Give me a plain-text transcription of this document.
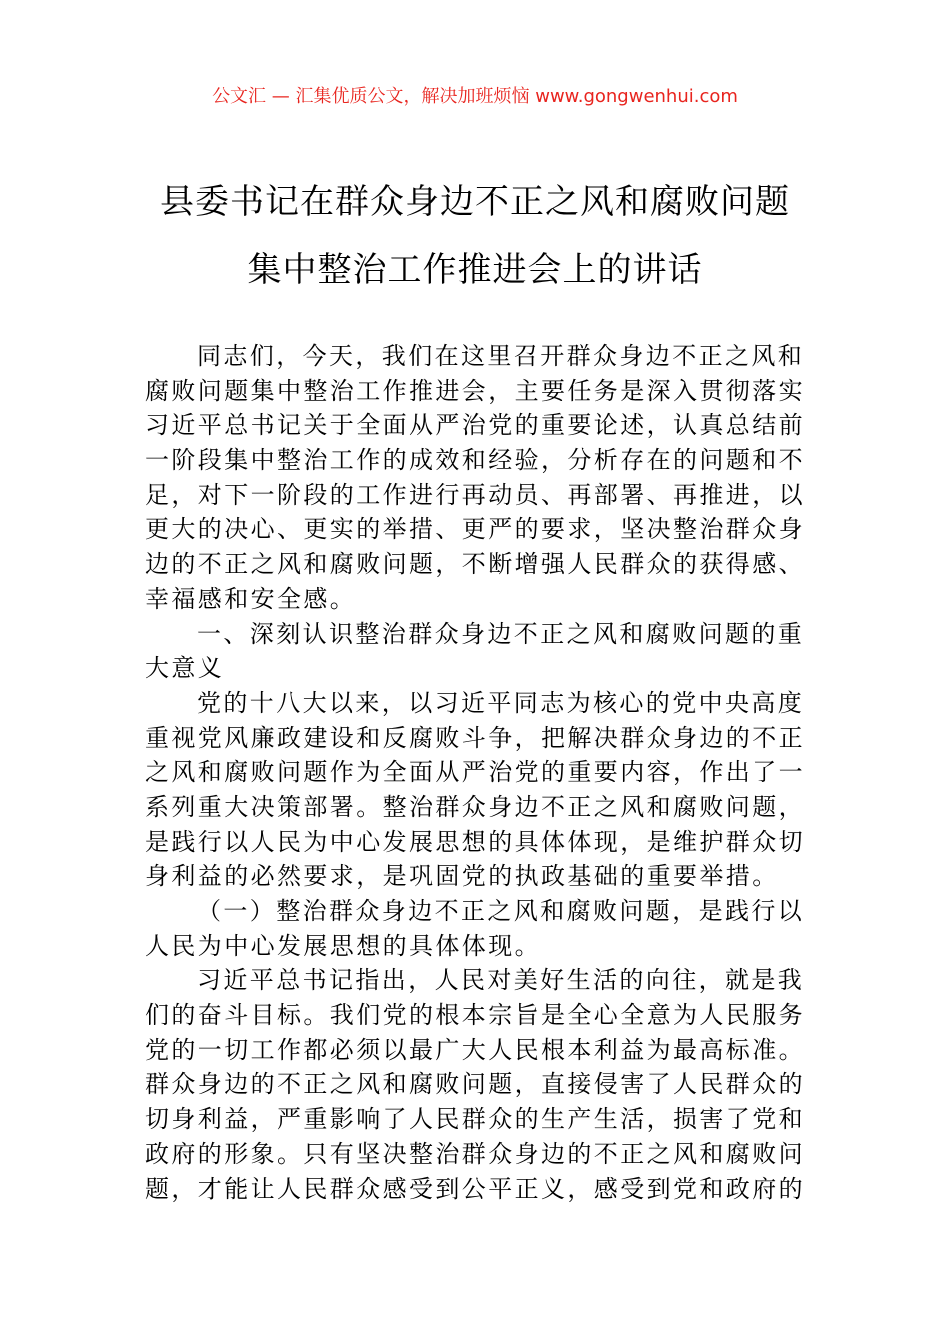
公文汇 — 汇集优质公文，解决加班烦恼 www.gongwenhui.com
县委书记在群众身边不正之风和腐败问题
集中整治工作推进会上的讲话
同志们，今天，我们在这里召开群众身边不正之风和
腐败问题集中整治工作推进会，主要任务是深入贯彻落实
习近平总书记关于全面从严治党的重要论述，认真总结前
一阶段集中整治工作的成效和经验，分析存在的问题和不
足，对下一阶段的工作进行再动员、再部署、再推进，以
更大的决心、更实的举措、更严的要求，坚决整治群众身
边的不正之风和腐败问题，不断增强人民群众的获得感、
幸福感和安全感。
一、深刻认识整治群众身边不正之风和腐败问题的重
大意义
党的十八大以来，以习近平同志为核心的党中央高度
重视党风廉政建设和反腐败斗争，把解决群众身边的不正
之风和腐败问题作为全面从严治党的重要内容，作出了一
系列重大决策部署。整治群众身边不正之风和腐败问题，
是践行以人民为中心发展思想的具体体现，是维护群众切
身利益的必然要求，是巩固党的执政基础的重要举措。
（一）整治群众身边不正之风和腐败问题，是践行以
人民为中心发展思想的具体体现。
习近平总书记指出，人民对美好生活的向往，就是我
们的奋斗目标。我们党的根本宗旨是全心全意为人民服务
党的一切工作都必须以最广大人民根本利益为最高标准。
群众身边的不正之风和腐败问题，直接侵害了人民群众的
切身利益，严重影响了人民群众的生产生活，损害了党和
政府的形象。只有坚决整治群众身边的不正之风和腐败问
题，才能让人民群众感受到公平正义，感受到党和政府的
